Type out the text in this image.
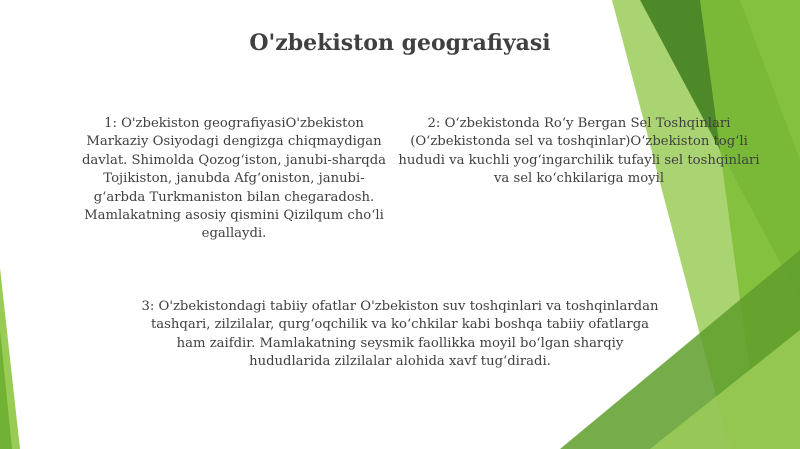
O'zbekiston geografiyasi
1: O'zbekiston geografiyasiO'zbekiston Markaziy Osiyodagi dengizga chiqmaydigan davlat. Shimolda Qozogʻiston, janubi-sharqda Tojikiston, janubda Afgʻoniston, janubi-gʻarbda Turkmaniston bilan chegaradosh. Mamlakatning asosiy qismini Qizilqum choʻli egallaydi.
2: Oʻzbekistonda Roʻy Bergan Sel Toshqinlari (Oʻzbekistonda sel va toshqinlar)Oʻzbekiston togʻli hududi va kuchli yogʻingarchilik tufayli sel toshqinlari va sel koʻchkilariga moyil
3: O'zbekistondagi tabiiy ofatlar O'zbekiston suv toshqinlari va toshqinlardan tashqari, zilzilalar, qurgʻoqchilik va koʻchkilar kabi boshqa tabiiy ofatlarga ham zaifdir. Mamlakatning seysmik faollikka moyil boʻlgan sharqiy hududlarida zilzilalar alohida xavf tugʻdiradi.
